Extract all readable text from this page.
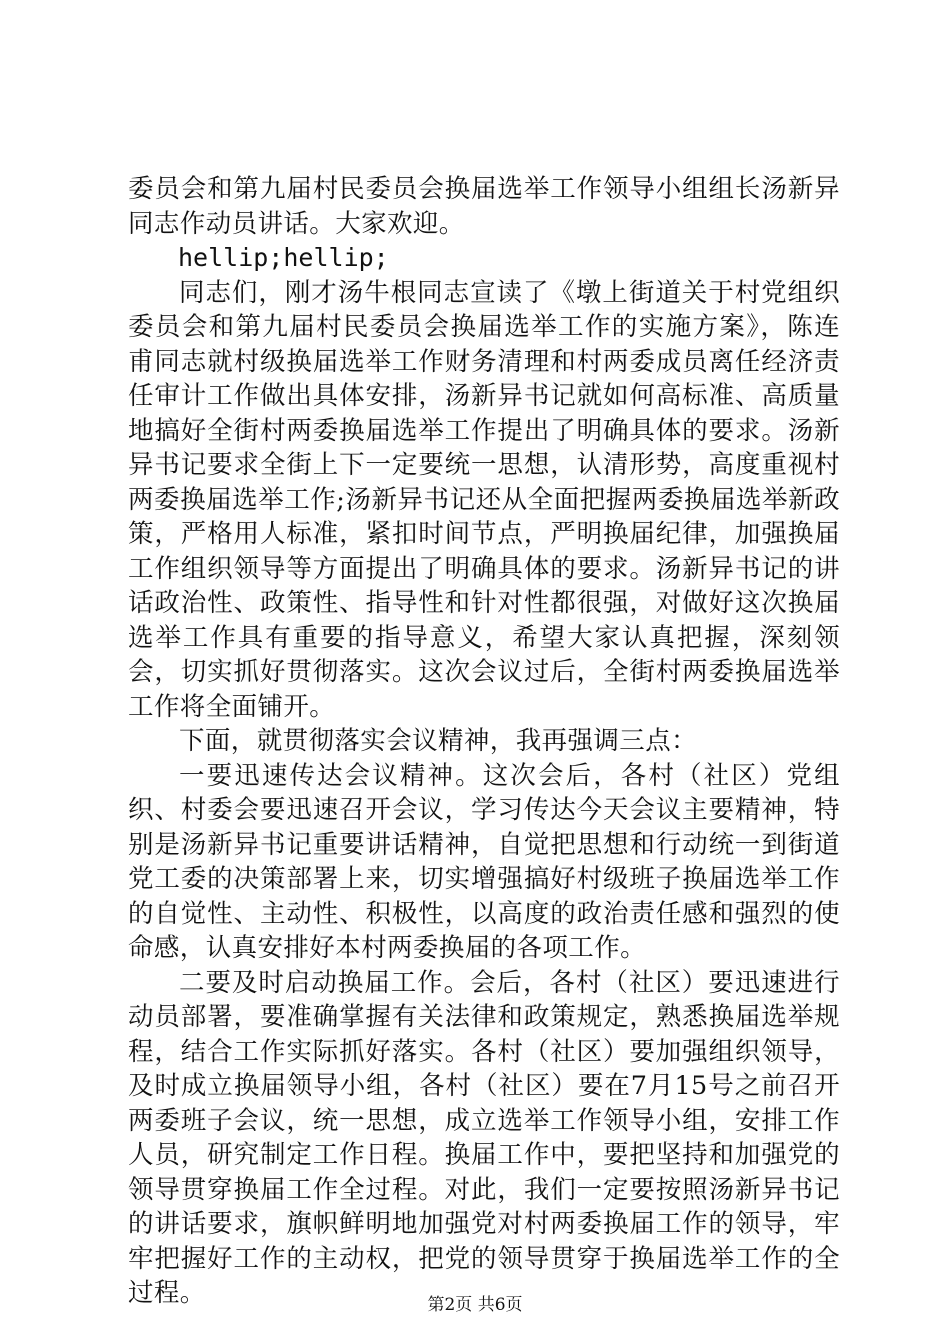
委员会和第九届村民委员会换届选举工作领导小组组长汤新异同志作动员讲话。大家欢迎。

hellip;hellip;

同志们，刚才汤牛根同志宣读了《墩上街道关于村党组织委员会和第九届村民委员会换届选举工作的实施方案》，陈连甫同志就村级换届选举工作财务清理和村两委成员离任经济责任审计工作做出具体安排，汤新异书记就如何高标准、高质量地搞好全街村两委换届选举工作提出了明确具体的要求。汤新异书记要求全街上下一定要统一思想，认清形势，高度重视村两委换届选举工作;汤新异书记还从全面把握两委换届选举新政策，严格用人标准，紧扣时间节点，严明换届纪律，加强换届工作组织领导等方面提出了明确具体的要求。汤新异书记的讲话政治性、政策性、指导性和针对性都很强，对做好这次换届选举工作具有重要的指导意义，希望大家认真把握，深刻领会，切实抓好贯彻落实。这次会议过后，全街村两委换届选举工作将全面铺开。

下面，就贯彻落实会议精神，我再强调三点：

一要迅速传达会议精神。这次会后，各村（社区）党组织、村委会要迅速召开会议，学习传达今天会议主要精神，特别是汤新异书记重要讲话精神，自觉把思想和行动统一到街道党工委的决策部署上来，切实增强搞好村级班子换届选举工作的自觉性、主动性、积极性，以高度的政治责任感和强烈的使命感，认真安排好本村两委换届的各项工作。

二要及时启动换届工作。会后，各村（社区）要迅速进行动员部署，要准确掌握有关法律和政策规定，熟悉换届选举规程，结合工作实际抓好落实。各村（社区）要加强组织领导，及时成立换届领导小组，各村（社区）要在7月15号之前召开两委班子会议，统一思想，成立选举工作领导小组，安排工作人员，研究制定工作日程。换届工作中，要把坚持和加强党的领导贯穿换届工作全过程。对此，我们一定要按照汤新异书记的讲话要求，旗帜鲜明地加强党对村两委换届工作的领导，牢牢把握好工作的主动权，把党的领导贯穿于换届选举工作的全过程。	第2页 共6页
